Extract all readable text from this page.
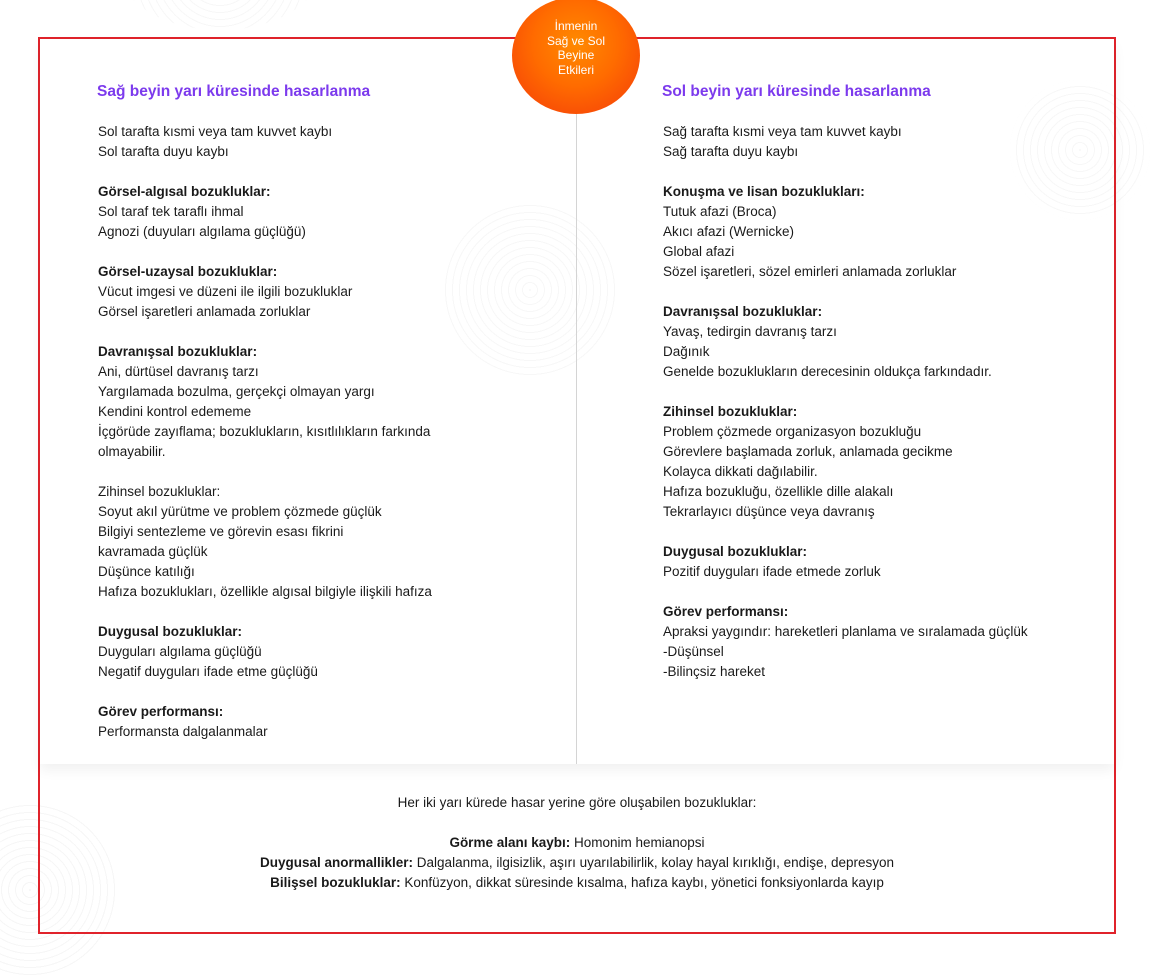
Sağ beyin yarı küresinde hasarlanma
Sol tarafta kısmi veya tam kuvvet kaybı
Sol tarafta duyu kaybı
Görsel-algısal bozukluklar:
Sol taraf tek taraflı ihmal
Agnozi (duyuları algılama güçlüğü)
Görsel-uzaysal bozukluklar:
Vücut imgesi ve düzeni ile ilgili bozukluklar
Görsel işaretleri anlamada zorluklar
Davranışsal bozukluklar:
Ani, dürtüsel davranış tarzı
Yargılamada bozulma, gerçekçi olmayan yargı
Kendini kontrol edememe
İçgörüde zayıflama; bozuklukların, kısıtlılıkların farkında
olmayabilir.
Zihinsel bozukluklar:
Soyut akıl yürütme ve problem çözmede güçlük
Bilgiyi sentezleme ve görevin esası fikrini
kavramada güçlük
Düşünce katılığı
Hafıza bozuklukları, özellikle algısal bilgiyle ilişkili hafıza
Duygusal bozukluklar:
Duyguları algılama güçlüğü
Negatif duyguları ifade etme güçlüğü
Görev performansı:
Performansta dalgalanmalar
Sol beyin yarı küresinde hasarlanma
Sağ tarafta kısmi veya tam kuvvet kaybı
Sağ tarafta duyu kaybı
Konuşma ve lisan bozuklukları:
Tutuk afazi (Broca)
Akıcı afazi (Wernicke)
Global afazi
Sözel işaretleri, sözel emirleri anlamada zorluklar
Davranışsal bozukluklar:
Yavaş, tedirgin davranış tarzı
Dağınık
Genelde bozuklukların derecesinin oldukça farkındadır.
Zihinsel bozukluklar:
Problem çözmede organizasyon bozukluğu
Görevlere başlamada zorluk, anlamada gecikme
Kolayca dikkati dağılabilir.
Hafıza bozukluğu, özellikle dille alakalı
Tekrarlayıcı düşünce veya davranış
Duygusal bozukluklar:
Pozitif duyguları ifade etmede zorluk
Görev performansı:
Apraksi yaygındır: hareketleri planlama ve sıralamada güçlük
-Düşünsel
-Bilinçsiz hareket
İnmenin
Sağ ve Sol
Beyine
Etkileri
Her iki yarı kürede hasar yerine göre oluşabilen bozukluklar:
Görme alanı kaybı: Homonim hemianopsi
Duygusal anormallikler: Dalgalanma, ilgisizlik, aşırı uyarılabilirlik, kolay hayal kırıklığı, endişe, depresyon
Bilişsel bozukluklar: Konfüzyon, dikkat süresinde kısalma, hafıza kaybı, yönetici fonksiyonlarda kayıp
